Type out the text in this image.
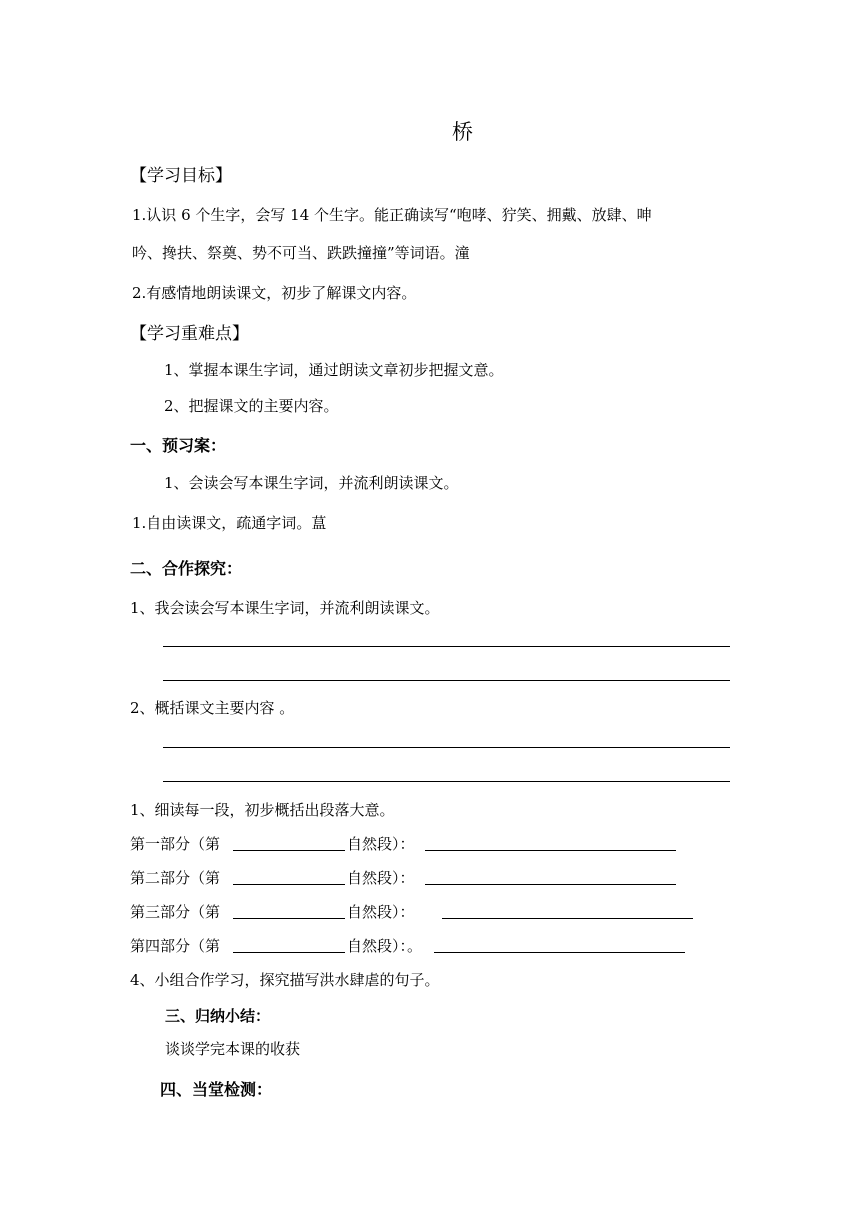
桥
【学习目标】
1.认识 6 个生字，会写 14 个生字。能正确读写“咆哮、狞笑、拥戴、放肆、呻
吟、搀扶、祭奠、势不可当、跌跌撞撞”等词语。潼
2.有感情地朗读课文，初步了解课文内容。
【学习重难点】
1、掌握本课生字词，通过朗读文章初步把握文意。
2、把握课文的主要内容。
一、预习案：
1、会读会写本课生字词，并流利朗读课文。
1.自由读课文，疏通字词。蒀
二、合作探究：
1、我会读会写本课生字词，并流利朗读课文。
2、概括课文主要内容 。
1、细读每一段，初步概括出段落大意。
第一部分（第	自然段）：
第二部分（第	自然段）：
第三部分（第	自然段）：
第四部分（第	自然段）：。
4、小组合作学习，探究描写洪水肆虐的句子。
三、归纳小结：
谈谈学完本课的收获
四、当堂检测：
